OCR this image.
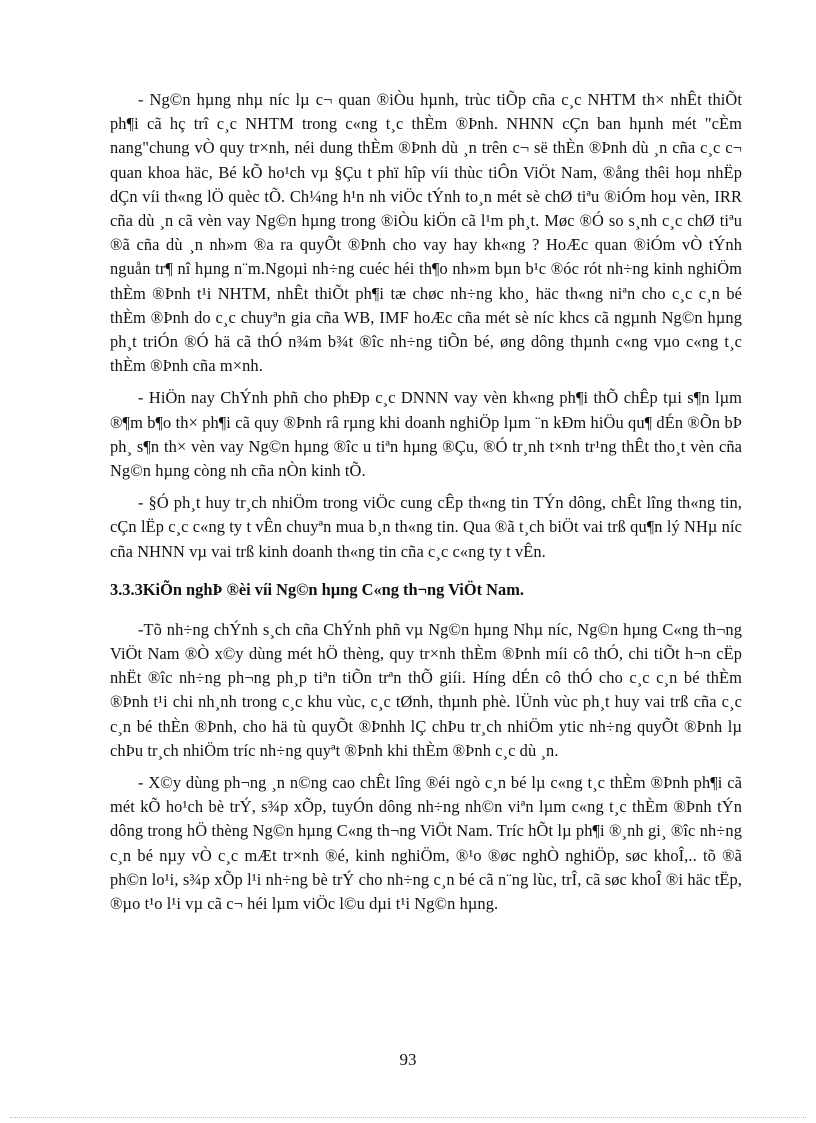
- Ng©n hµng nhµ níc lµ c¬ quan ®iÒu hµnh, trùc tiÕp cña c¸c NHTM th× nhÊt thiÕt ph¶i cã hç trî c¸c NHTM trong c«ng t¸c thÈm ®Þnh. NHNN cÇn ban hµnh mét "cÈm nang"chung vÒ quy tr×nh, néi dung thÈm ®Þnh dù ¸n trên c¬ së thÈn ®Þnh dù ¸n cña c¸c c¬ quan khoa häc, Bé kÕ ho¹ch vµ §Çu t phï hîp víi thùc tiÔn ViÖt Nam, ®ång thêi hoµ nhËp dÇn víi th«ng lÖ quèc tÕ. Ch¼ng h¹n nh viÖc tÝnh to¸n mét sè chØ tiªu ®iÓm hoµ vèn, IRR cña dù ¸n cã vèn vay Ng©n hµng trong ®iÒu kiÖn cã l¹m ph¸t. Møc ®Ó so s¸nh c¸c chØ tiªu ®ã cña dù ¸n nh»m ®a ra quyÕt ®Þnh cho vay hay kh«ng ? HoÆc quan ®iÓm vÒ tÝnh nguån tr¶ nî hµng n¨m.Ngoµi nh÷ng cuéc héi th¶o nh»m bµn b¹c ®óc rót nh÷ng kinh nghiÖm thÈm ®Þnh t¹i NHTM, nhÊt thiÕt ph¶i tæ chøc nh÷ng kho¸ häc th«ng niªn cho c¸c c¸n bé thÈm ®Þnh do c¸c chuyªn gia cña WB, IMF hoÆc cña mét sè níc khcs cã ngµnh Ng©n hµng ph¸t triÓn ®Ó hä cã thÓ n¾m b¾t ®îc nh÷ng tiÕn bé, øng dông thµnh c«ng vµo c«ng t¸c thÈm ®Þnh cña m×nh.

- HiÖn nay ChÝnh phñ cho phÐp c¸c DNNN vay vèn kh«ng ph¶i thÕ chÊp tµi s¶n lµm ®¶m b¶o th× ph¶i cã quy ®Þnh râ rµng khi doanh nghiÖp lµm ¨n kÐm hiÖu qu¶ dÉn ®Õn bÞ ph¸ s¶n th× vèn vay Ng©n hµng ®îc u tiªn hµng ®Çu, ®Ó tr¸nh t×nh tr¹ng thÊt tho¸t vèn cña Ng©n hµng còng nh cña nÒn kinh tÕ.

- §Ó ph¸t huy tr¸ch nhiÖm trong viÖc cung cÊp th«ng tin TÝn dông, chÊt lîng th«ng tin, cÇn lËp c¸c c«ng ty t vÊn chuyªn mua b¸n th«ng tin. Qua ®ã t¸ch biÖt vai trß qu¶n lý NHµ níc cña NHNN vµ vai trß kinh doanh th«ng tin cña c¸c c«ng ty t vÊn.

3.3.3KiÕn nghÞ ®èi víi Ng©n hµng C«ng th¬ng ViÖt Nam.

-Tõ nh÷ng chÝnh s¸ch cña ChÝnh phñ vµ Ng©n hµng Nhµ níc, Ng©n hµng C«ng th¬ng ViÖt Nam ®Ò x©y dùng mét hÖ thèng, quy tr×nh thÈm ®Þnh míi cô thÓ, chi tiÕt h¬n cËp nhËt ®îc nh÷ng ph¬ng ph¸p tiªn tiÕn trªn thÕ giíi. Híng dÉn cô thÓ cho c¸c c¸n bé thÈm ®Þnh t¹i chi nh¸nh trong c¸c khu vùc, c¸c tØnh, thµnh phè. lÜnh vùc ph¸t huy vai trß cña c¸c c¸n bé thÈn ®Þnh, cho hä tù quyÕt ®Þnhh lÇ chÞu tr¸ch nhiÖm ytic nh÷ng quyÕt ®Þnh lµ chÞu tr¸ch nhiÖm tríc nh÷ng quyªt ®Þnh khi thÈm ®Þnh c¸c dù ¸n.

- X©y dùng ph¬ng ¸n n©ng cao chÊt lîng ®éi ngò c¸n bé lµ c«ng t¸c thÈm ®Þnh ph¶i cã mét kÕ ho¹ch bè trÝ, s¾p xÕp, tuyÓn dông nh÷ng nh©n viªn lµm c«ng t¸c thÈm ®Þnh tÝn dông trong hÖ thèng Ng©n hµng C«ng th¬ng ViÖt Nam. Tríc hÕt lµ ph¶i ®¸nh gi¸ ®îc nh÷ng c¸n bé nµy vÒ c¸c mÆt tr×nh ®é, kinh nghiÖm, ®¹o ®øc nghÒ nghiÖp, søc khoÎ,.. tõ ®ã ph©n lo¹i, s¾p xÕp l¹i nh÷ng bè trÝ cho nh÷ng c¸n bé cã n¨ng lùc, trÎ, cã søc khoÎ ®i häc tËp, ®µo t¹o l¹i vµ cã c¬ héi lµm viÖc l©u dµi t¹i Ng©n hµng.

93
